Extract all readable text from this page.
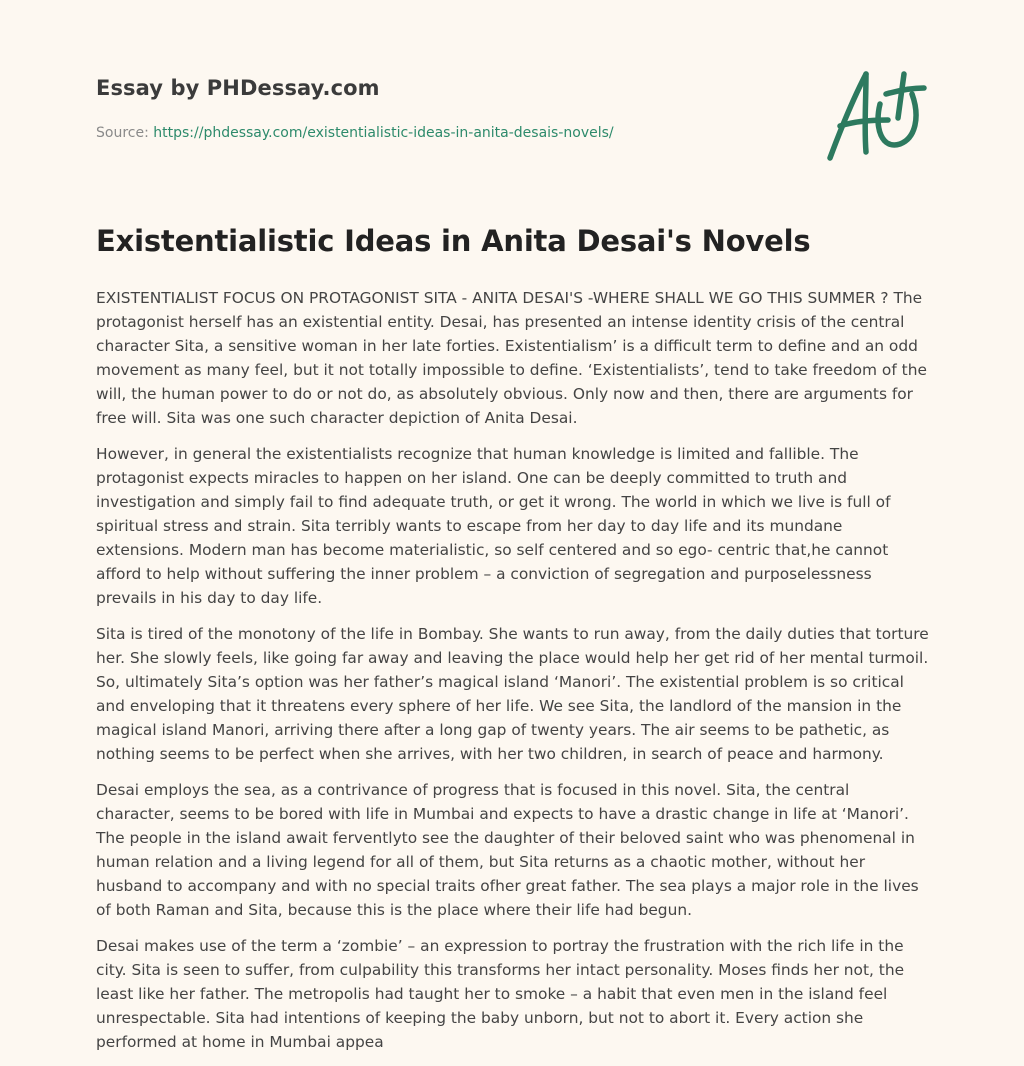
Essay by PHDessay.com
Source: https://phdessay.com/existentialistic-ideas-in-anita-desais-novels/
Existentialistic Ideas in Anita Desai's Novels

EXISTENTIALIST FOCUS ON PROTAGONIST SITA - ANITA DESAI'S -WHERE SHALL WE GO THIS SUMMER ? The protagonist herself has an existential entity. Desai, has presented an intense identity crisis of the central character Sita, a sensitive woman in her late forties. Existentialism’ is a difficult term to define and an odd movement as many feel, but it not totally impossible to define. ‘Existentialists’, tend to take freedom of the will, the human power to do or not do, as absolutely obvious. Only now and then, there are arguments for free will. Sita was one such character depiction of Anita Desai.

However, in general the existentialists recognize that human knowledge is limited and fallible. The protagonist expects miracles to happen on her island. One can be deeply committed to truth and investigation and simply fail to find adequate truth, or get it wrong. The world in which we live is full of spiritual stress and strain. Sita terribly wants to escape from her day to day life and its mundane extensions. Modern man has become materialistic, so self centered and so ego- centric that,he cannot afford to help without suffering the inner problem – a conviction of segregation and purposelessness prevails in his day to day life.

Sita is tired of the monotony of the life in Bombay. She wants to run away, from the daily duties that torture her. She slowly feels, like going far away and leaving the place would help her get rid of her mental turmoil. So, ultimately Sita’s option was her father’s magical island ‘Manori’. The existential problem is so critical and enveloping that it threatens every sphere of her life. We see Sita, the landlord of the mansion in the magical island Manori, arriving there after a long gap of twenty years. The air seems to be pathetic, as nothing seems to be perfect when she arrives, with her two children, in search of peace and harmony.

Desai employs the sea, as a contrivance of progress that is focused in this novel. Sita, the central character, seems to be bored with life in Mumbai and expects to have a drastic change in life at ‘Manori’. The people in the island await ferventlyto see the daughter of their beloved saint who was phenomenal in human relation and a living legend for all of them, but Sita returns as a chaotic mother, without her husband to accompany and with no special traits ofher great father. The sea plays a major role in the lives of both Raman and Sita, because this is the place where their life had begun.

Desai makes use of the term a ‘zombie’ – an expression to portray the frustration with the rich life in the city. Sita is seen to suffer, from culpability this transforms her intact personality. Moses finds her not, the least like her father. The metropolis had taught her to smoke – a habit that even men in the island feel unrespectable. Sita had intentions of keeping the baby unborn, but not to abort it. Every action she performed at home in Mumbai appea
